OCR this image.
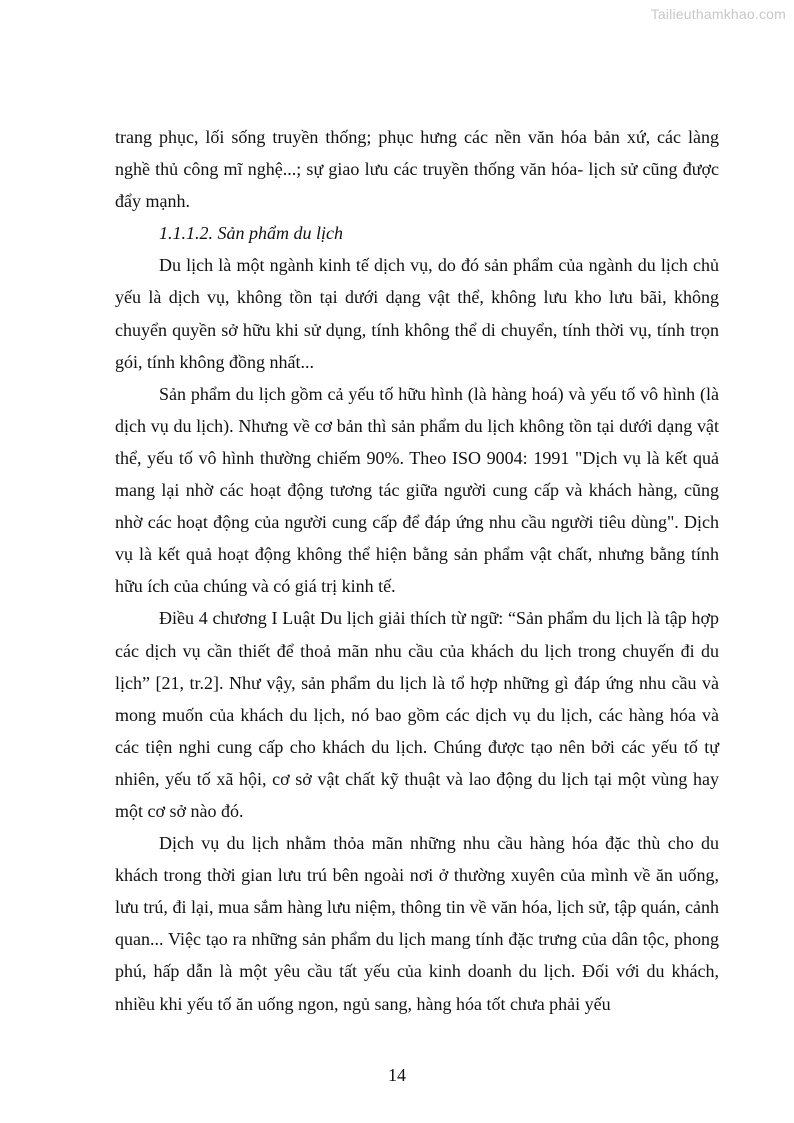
Tailieuthamkhao.com

trang phục, lối sống truyền thống; phục hưng các nền văn hóa bản xứ, các làng nghề thủ công mĩ nghệ...; sự giao lưu các truyền thống văn hóa- lịch sử cũng được đẩy mạnh.

1.1.1.2. Sản phẩm du lịch

Du lịch là một ngành kinh tế dịch vụ, do đó sản phẩm của ngành du lịch chủ yếu là dịch vụ, không tồn tại dưới dạng vật thể, không lưu kho lưu bãi, không chuyển quyền sở hữu khi sử dụng, tính không thể di chuyển, tính thời vụ, tính trọn gói, tính không đồng nhất...

Sản phẩm du lịch gồm cả yếu tố hữu hình (là hàng hoá) và yếu tố vô hình (là dịch vụ du lịch). Nhưng về cơ bản thì sản phẩm du lịch không tồn tại dưới dạng vật thể, yếu tố vô hình thường chiếm 90%. Theo ISO 9004: 1991 "Dịch vụ là kết quả mang lại nhờ các hoạt động tương tác giữa người cung cấp và khách hàng, cũng nhờ các hoạt động của người cung cấp để đáp ứng nhu cầu người tiêu dùng". Dịch vụ là kết quả hoạt động không thể hiện bằng sản phẩm vật chất, nhưng bằng tính hữu ích của chúng và có giá trị kinh tế.

Điều 4 chương I Luật Du lịch giải thích từ ngữ: “Sản phẩm du lịch là tập hợp các dịch vụ cần thiết để thoả mãn nhu cầu của khách du lịch trong chuyến đi du lịch” [21, tr.2]. Như vậy, sản phẩm du lịch là tổ hợp những gì đáp ứng nhu cầu và mong muốn của khách du lịch, nó bao gồm các dịch vụ du lịch, các hàng hóa và các tiện nghi cung cấp cho khách du lịch. Chúng được tạo nên bởi các yếu tố tự nhiên, yếu tố xã hội, cơ sở vật chất kỹ thuật và lao động du lịch tại một vùng hay một cơ sở nào đó.

Dịch vụ du lịch nhằm thỏa mãn những nhu cầu hàng hóa đặc thù cho du khách trong thời gian lưu trú bên ngoài nơi ở thường xuyên của mình về ăn uống, lưu trú, đi lại, mua sắm hàng lưu niệm, thông tin về văn hóa, lịch sử, tập quán, cảnh quan... Việc tạo ra những sản phẩm du lịch mang tính đặc trưng của dân tộc, phong phú, hấp dẫn là một yêu cầu tất yếu của kinh doanh du lịch. Đối với du khách, nhiều khi yếu tố ăn uống ngon, ngủ sang, hàng hóa tốt chưa phải yếu

14
